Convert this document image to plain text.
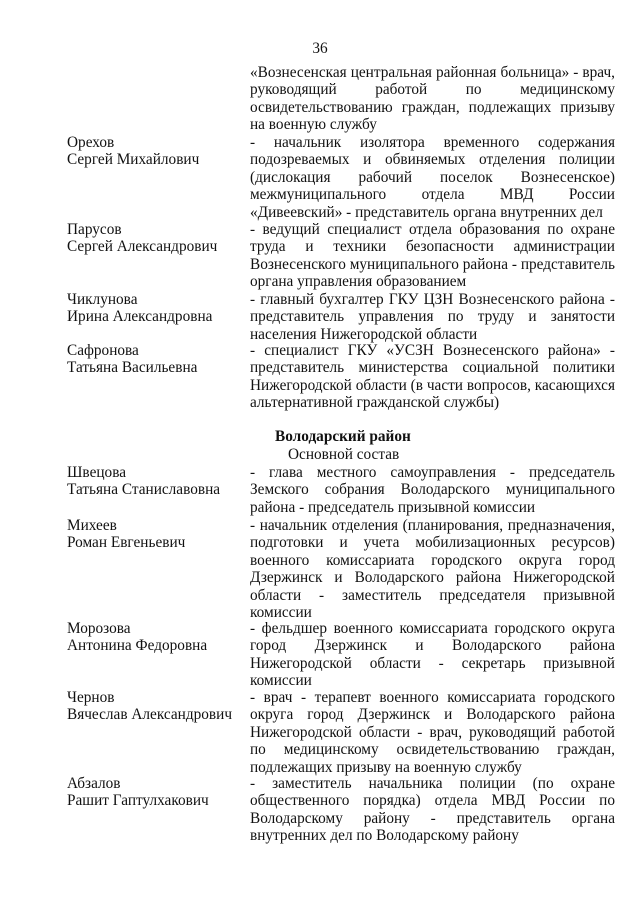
36
«Вознесенская центральная районная больница» - врач, руководящий работой по медицинскому освидетельствованию граждан, подлежащих призыву на военную службу
Орехов
Сергей Михайлович
- начальник изолятора временного содержания подозреваемых и обвиняемых отделения полиции (дислокация рабочий поселок Вознесенское) межмуниципального отдела МВД России «Дивеевский» - представитель органа внутренних дел
Парусов
Сергей Александрович
- ведущий специалист отдела образования по охране труда и техники безопасности администрации Вознесенского муниципального района - представитель органа управления образованием
Чиклунова
Ирина Александровна
- главный бухгалтер ГКУ ЦЗН Вознесенского района - представитель управления по труду и занятости населения Нижегородской области
Сафронова
Татьяна Васильевна
- специалист ГКУ «УСЗН Вознесенского района» - представитель министерства социальной политики Нижегородской области (в части вопросов, касающихся альтернативной гражданской службы)
Володарский район
Основной состав
Швецова
Татьяна Станиславовна
- глава местного самоуправления - председатель Земского собрания Володарского муниципального района - председатель призывной комиссии
Михеев
Роман Евгеньевич
- начальник отделения (планирования, предназначения, подготовки и учета мобилизационных ресурсов) военного комиссариата городского округа город Дзержинск и Володарского района Нижегородской области - заместитель председателя призывной комиссии
Морозова
Антонина Федоровна
- фельдшер военного комиссариата городского округа город Дзержинск и Володарского района Нижегородской области - секретарь призывной комиссии
Чернов
Вячеслав Александрович
- врач - терапевт военного комиссариата городского округа город Дзержинск и Володарского района Нижегородской области - врач, руководящий работой по медицинскому освидетельствованию граждан, подлежащих призыву на военную службу
Абзалов
Рашит Гаптулхакович
- заместитель начальника полиции (по охране общественного порядка) отдела МВД России по Володарскому району - представитель органа внутренних дел по Володарскому району
